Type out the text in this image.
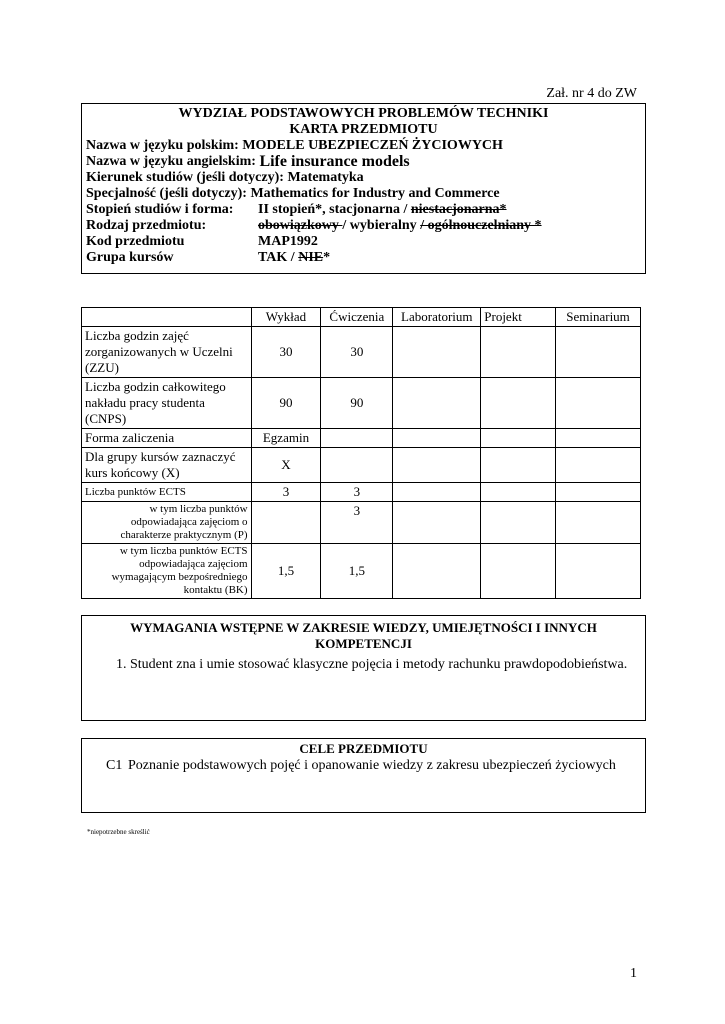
Zał. nr 4 do ZW
WYDZIAŁ PODSTAWOWYCH PROBLEMÓW TECHNIKI
KARTA PRZEDMIOTU
Nazwa w języku polskim:
MODELE UBEZPIECZEŃ ŻYCIOWYCH
Nazwa w języku angielskim:
Life insurance models
Kierunek studiów (jeśli dotyczy):
Matematyka
Specjalność (jeśli dotyczy):
Mathematics for Industry and Commerce
Stopień studiów i forma:	II stopień*, stacjonarna / niestacjonarna*
Rodzaj przedmiotu:	obowiązkowy / wybieralny / ogólnouczelniany *
Kod przedmiotu	MAP1992
Grupa kursów	TAK / NIE*
	Wykład	Ćwiczenia	Laboratorium	Projekt	Seminarium
Liczba godzin zajęć zorganizowanych w Uczelni (ZZU)	30	30			
Liczba godzin całkowitego nakładu pracy studenta (CNPS)	90	90			
Forma zaliczenia	Egzamin				
Dla grupy kursów zaznaczyć kurs końcowy (X)	X				
Liczba punktów ECTS	3	3			
w tym liczba punktów odpowiadająca zajęciom o charakterze praktycznym (P)		3			
w tym liczba punktów ECTS odpowiadająca zajęciom wymagającym bezpośredniego kontaktu (BK)	1,5	1,5			
WYMAGANIA WSTĘPNE W ZAKRESIE WIEDZY, UMIEJĘTNOŚCI I INNYCH KOMPETENCJI
1. Student zna i umie stosować klasyczne pojęcia i metody rachunku prawdopodobieństwa.
CELE PRZEDMIOTU
C1 Poznanie podstawowych pojęć i opanowanie wiedzy z zakresu ubezpieczeń życiowych
*niepotrzebne skreślić
1
